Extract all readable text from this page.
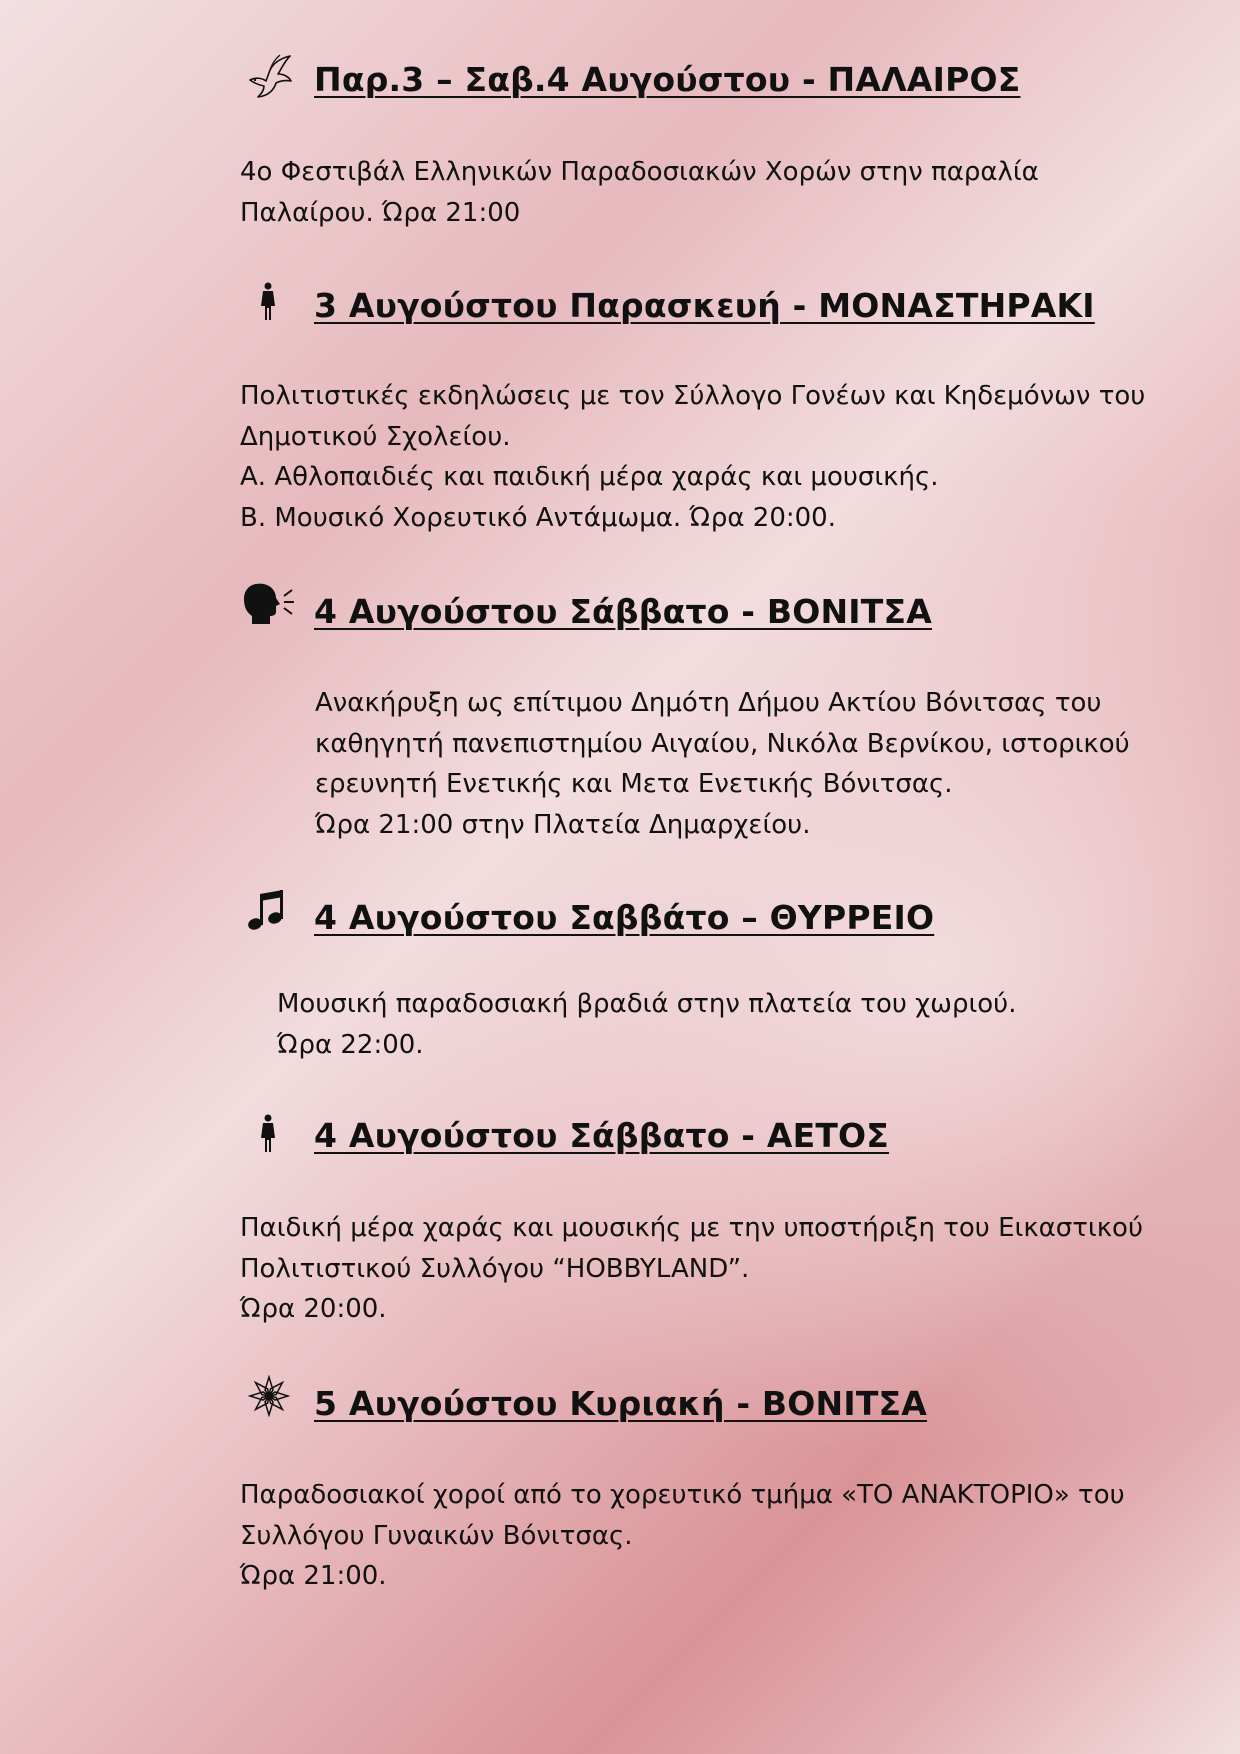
Παρ.3 – Σαβ.4 Αυγούστου - ΠΑΛΑΙΡΟΣ
4ο Φεστιβάλ Ελληνικών Παραδοσιακών Χορών στην παραλία
Παλαίρου. Ώρα 21:00
3 Αυγούστου Παρασκευή - ΜΟΝΑΣΤΗΡΑΚΙ
Πολιτιστικές εκδηλώσεις με τον Σύλλογο Γονέων και Κηδεμόνων του
Δημοτικού Σχολείου.
Α. Αθλοπαιδιές και παιδική μέρα χαράς και μουσικής.
Β. Μουσικό Χορευτικό Αντάμωμα. Ώρα 20:00.
4 Αυγούστου Σάββατο - ΒΟΝΙΤΣΑ
Ανακήρυξη ως επίτιμου Δημότη Δήμου Ακτίου Βόνιτσας του
καθηγητή πανεπιστημίου Αιγαίου, Νικόλα Βερνίκου, ιστορικού
ερευνητή Ενετικής και Μετα Ενετικής Βόνιτσας.
Ώρα 21:00 στην Πλατεία Δημαρχείου.
4 Αυγούστου Σαββάτο – ΘΥΡΡΕΙΟ
Μουσική παραδοσιακή βραδιά στην πλατεία του χωριού.
Ώρα 22:00.
4 Αυγούστου Σάββατο - ΑΕΤΟΣ
Παιδική μέρα χαράς και μουσικής με την υποστήριξη του Εικαστικού
Πολιτιστικού Συλλόγου “HOBBYLAND”.
Ώρα 20:00.
5 Αυγούστου Κυριακή - ΒΟΝΙΤΣΑ
Παραδοσιακοί χοροί από το χορευτικό τμήμα «ΤΟ ΑΝΑΚΤΟΡΙΟ» του
Συλλόγου Γυναικών Βόνιτσας.
Ώρα 21:00.
